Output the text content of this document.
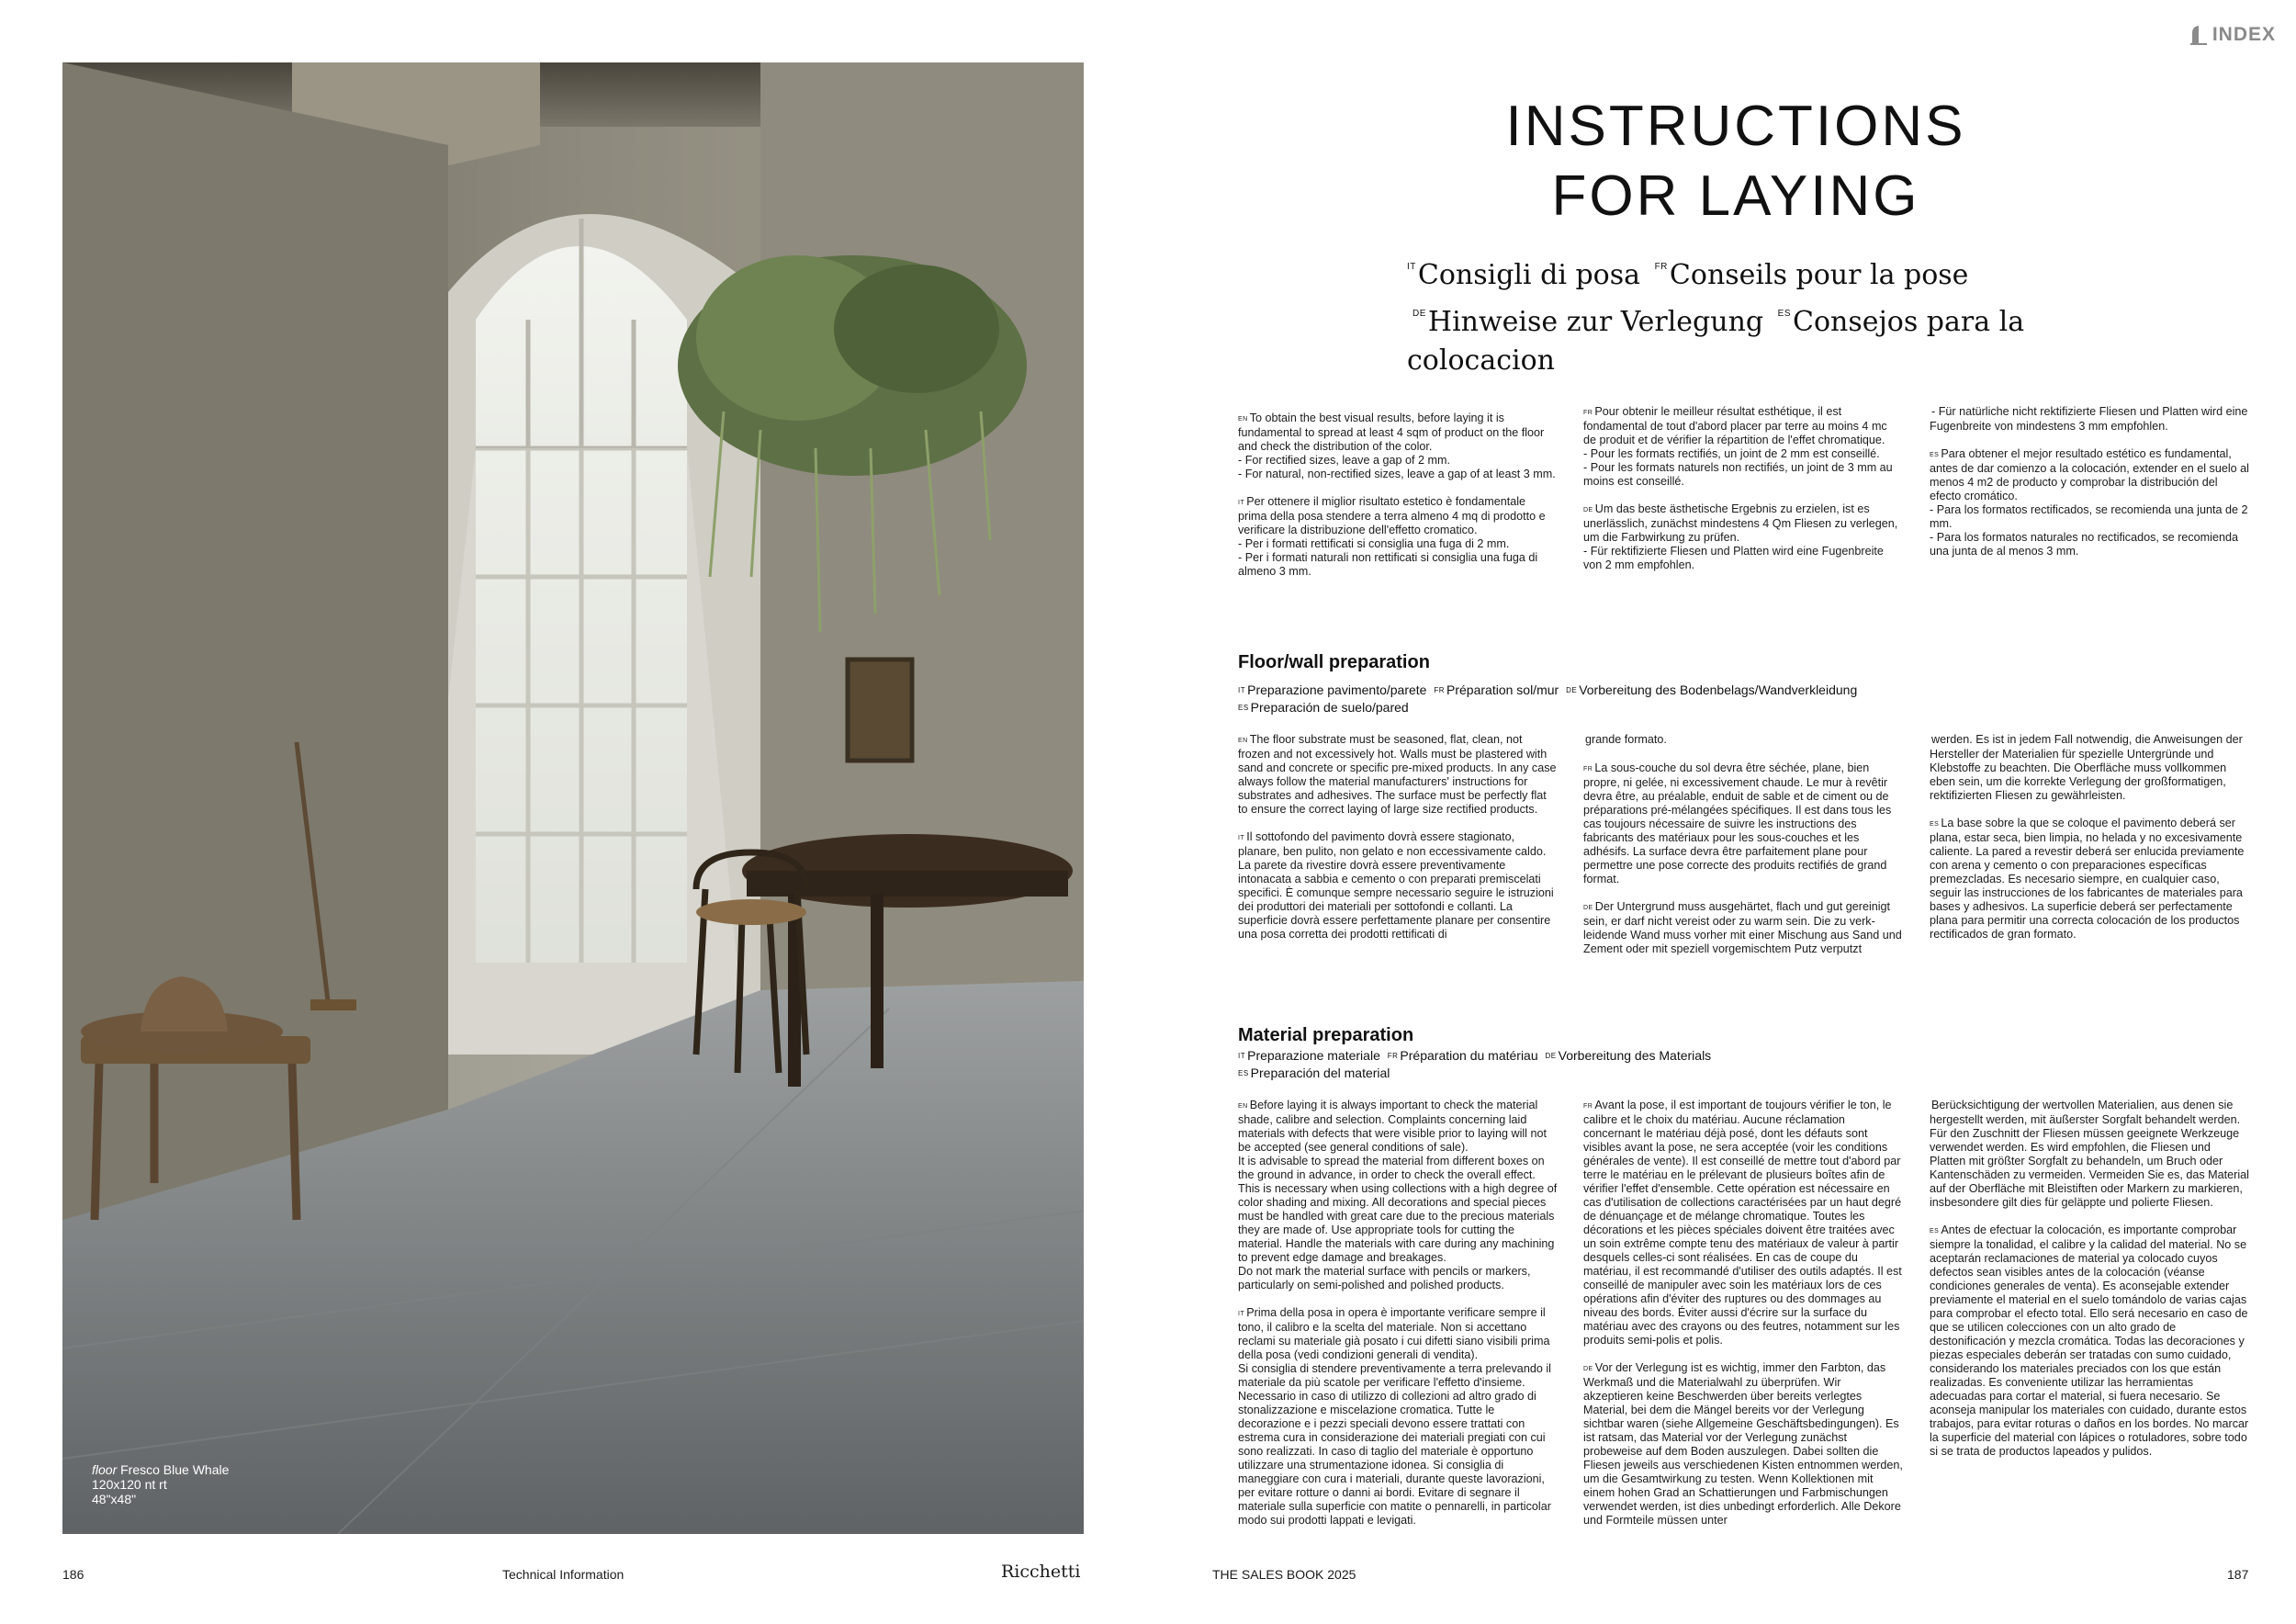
floor Fresco Blue Whale
120x120 nt rt
48"x48"
186	Technical Information	Ricchetti
INDEX
INSTRUCTIONS
FOR LAYING
$^{IT}$Consigli di posa $^{FR}$Conseils pour la pose
$^{DE}$Hinweise zur Verlegung $^{ES}$Consejos para la colocacion

EN To obtain the best visual results, before laying it is fundamental to spread at least 4 sqm of product on the floor and check the distribution of the color.
- For rectified sizes, leave a gap of 2 mm.
- For natural, non-rectified sizes, leave a gap of at least 3 mm.

IT Per ottenere il miglior risultato estetico è fondamentale prima della posa stendere a terra almeno 4 mq di prodotto e verificare la distribuzione dell'effetto cromatico.
- Per i formati rettificati si consiglia una fuga di 2 mm.
- Per i formati naturali non rettificati si consiglia una fuga di almeno 3 mm.

FR Pour obtenir le meilleur résultat esthétique, il est fondamental de tout d'abord placer par terre au moins 4 mc de produit et de vérifier la répartition de l'effet chromatique.
- Pour les formats rectifiés, un joint de 2 mm est conseillé.
- Pour les formats naturels non rectifiés, un joint de 3 mm au moins est conseillé.

DE Um das beste ästhetische Ergebnis zu erzielen, ist es unerlässlich, zunächst mindestens 4 Qm Fliesen zu verlegen, um die Farbwirkung zu prüfen.
- Für rektifizierte Fliesen und Platten wird eine Fugenbreite von 2 mm empfohlen.

- Für natürliche nicht rektifizierte Fliesen und Platten wird eine Fugenbreite von mindestens 3 mm empfohlen.

ES Para obtener el mejor resultado estético es fundamental, antes de dar comienzo a la colocación, extender en el suelo al menos 4 m2 de producto y comprobar la distribución del efecto cromático.
- Para los formatos rectificados, se recomienda una junta de 2 mm.
- Para los formatos naturales no rectificados, se recomienda una junta de al menos 3 mm.

Floor/wall preparation
IT Preparazione pavimento/parete FR Préparation sol/mur DE Vorbereitung des Bodenbelags/Wandverkleidung
ES Preparación de suelo/pared

EN The floor substrate must be seasoned, flat, clean, not frozen and not excessively hot. Walls must be plastered with sand and concrete or specific pre-mixed products. In any case always follow the material manufacturers' instructions for substrates and adhesives. The surface must be perfectly flat to ensure the correct laying of large size rectified products.

IT Il sottofondo del pavimento dovrà essere stagionato, planare, ben pulito, non gelato e non eccessivamente caldo. La parete da rivestire dovrà essere preventivamente intonacata a sabbia e cemento o con preparati premiscelati specifici. È comunque sempre necessario seguire le istruzioni dei produttori dei materiali per sottofondi e collanti. La superficie dovrà essere perfettamente planare per consentire una posa corretta dei prodotti rettificati di

grande formato.

FR La sous-couche du sol devra être séchée, plane, bien propre, ni gelée, ni excessivement chaude. Le mur à revêtir devra être, au préalable, enduit de sable et de ciment ou de préparations pré-mélangées spécifiques. Il est dans tous les cas toujours nécessaire de suivre les instructions des fabricants des matériaux pour les sous-couches et les adhésifs. La surface devra être parfaitement plane pour permettre une pose correcte des produits rectifiés de grand format.

DE Der Untergrund muss ausgehärtet, flach und gut gereinigt sein, er darf nicht vereist oder zu warm sein. Die zu verk-leidende Wand muss vorher mit einer Mischung aus Sand und Zement oder mit speziell vorgemischtem Putz verputzt

werden. Es ist in jedem Fall notwendig, die Anweisungen der Hersteller der Materialien für spezielle Untergründe und Klebstoffe zu beachten. Die Oberfläche muss vollkommen eben sein, um die korrekte Verlegung der großformatigen, rektifizierten Fliesen zu gewährleisten.

ES La base sobre la que se coloque el pavimento deberá ser plana, estar seca, bien limpia, no helada y no excesivamente caliente. La pared a revestir deberá ser enlucida previamente con arena y cemento o con preparaciones específicas premezcladas. Es necesario siempre, en cualquier caso, seguir las instrucciones de los fabricantes de materiales para bases y adhesivos. La superficie deberá ser perfectamente plana para permitir una correcta colocación de los productos rectificados de gran formato.

Material preparation
IT Preparazione materiale FR Préparation du matériau DE Vorbereitung des Materials
ES Preparación del material

EN Before laying it is always important to check the material shade, calibre and selection. Complaints concerning laid materials with defects that were visible prior to laying will not be accepted (see general conditions of sale).
It is advisable to spread the material from different boxes on the ground in advance, in order to check the overall effect. This is necessary when using collections with a high degree of color shading and mixing. All decorations and special pieces must be handled with great care due to the precious materials they are made of. Use appropriate tools for cutting the material. Handle the materials with care during any machining to prevent edge damage and breakages.
Do not mark the material surface with pencils or markers, particularly on semi-polished and polished products.

IT Prima della posa in opera è importante verificare sempre il tono, il calibro e la scelta del materiale. Non si accettano reclami su materiale già posato i cui difetti siano visibili prima della posa (vedi condizioni generali di vendita).
Si consiglia di stendere preventivamente a terra prelevando il materiale da più scatole per verificare l'effetto d'insieme. Necessario in caso di utilizzo di collezioni ad altro grado di stonalizzazione e miscelazione cromatica. Tutte le decorazione e i pezzi speciali devono essere trattati con estrema cura in considerazione dei materiali pregiati con cui sono realizzati. In caso di taglio del materiale è opportuno utilizzare una strumentazione idonea. Si consiglia di maneggiare con cura i materiali, durante queste lavorazioni, per evitare rotture o danni ai bordi. Evitare di segnare il materiale sulla superficie con matite o pennarelli, in particolar modo sui prodotti lappati e levigati.

FR Avant la pose, il est important de toujours vérifier le ton, le calibre et le choix du matériau. Aucune réclamation concernant le matériau déjà posé, dont les défauts sont visibles avant la pose, ne sera acceptée (voir les conditions générales de vente). Il est conseillé de mettre tout d'abord par terre le matériau en le prélevant de plusieurs boîtes afin de vérifier l'effet d'ensemble. Cette opération est nécessaire en cas d'utilisation de collections caractérisées par un haut degré de dénuançage et de mélange chromatique. Toutes les décorations et les pièces spéciales doivent être traitées avec un soin extrême compte tenu des matériaux de valeur à partir desquels celles-ci sont réalisées. En cas de coupe du matériau, il est recommandé d'utiliser des outils adaptés. Il est conseillé de manipuler avec soin les matériaux lors de ces opérations afin d'éviter des ruptures ou des dommages au niveau des bords. Éviter aussi d'écrire sur la surface du matériau avec des crayons ou des feutres, notamment sur les produits semi-polis et polis.

DE Vor der Verlegung ist es wichtig, immer den Farbton, das Werkmaß und die Materialwahl zu überprüfen. Wir akzeptieren keine Beschwerden über bereits verlegtes Material, bei dem die Mängel bereits vor der Verlegung sichtbar waren (siehe Allgemeine Geschäftsbedingungen). Es ist ratsam, das Material vor der Verlegung zunächst probeweise auf dem Boden auszulegen. Dabei sollten die Fliesen jeweils aus verschiedenen Kisten entnommen werden, um die Gesamtwirkung zu testen. Wenn Kollektionen mit einem hohen Grad an Schattierungen und Farbmischungen verwendet werden, ist dies unbedingt erforderlich. Alle Dekore und Formteile müssen unter

Berücksichtigung der wertvollen Materialien, aus denen sie hergestellt werden, mit äußerster Sorgfalt behandelt werden. Für den Zuschnitt der Fliesen müssen geeignete Werkzeuge verwendet werden. Es wird empfohlen, die Fliesen und Platten mit größter Sorgfalt zu behandeln, um Bruch oder Kantenschäden zu vermeiden. Vermeiden Sie es, das Material auf der Oberfläche mit Bleistiften oder Markern zu markieren, insbesondere gilt dies für geläppte und polierte Fliesen.

ES Antes de efectuar la colocación, es importante comprobar siempre la tonalidad, el calibre y la calidad del material. No se aceptarán reclamaciones de material ya colocado cuyos defectos sean visibles antes de la colocación (véanse condiciones generales de venta). Es aconsejable extender previamente el material en el suelo tomándolo de varias cajas para comprobar el efecto total. Ello será necesario en caso de que se utilicen colecciones con un alto grado de destonificación y mezcla cromática. Todas las decoraciones y piezas especiales deberán ser tratadas con sumo cuidado, considerando los materiales preciados con los que están realizadas. Es conveniente utilizar las herramientas adecuadas para cortar el material, si fuera necesario. Se aconseja manipular los materiales con cuidado, durante estos trabajos, para evitar roturas o daños en los bordes. No marcar la superficie del material con lápices o rotuladores, sobre todo si se trata de productos lapeados y pulidos.

THE SALES BOOK 2025	187
